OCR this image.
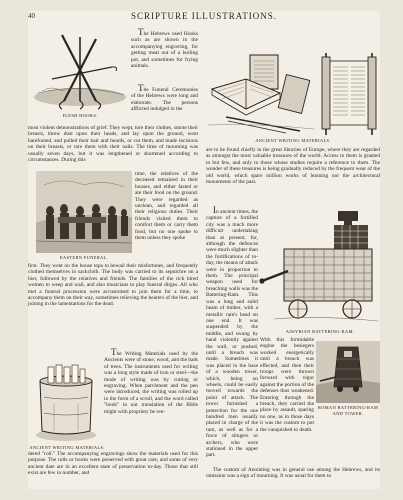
40	SCRIPTURE ILLUSTRATIONS.
FLESH HOOKS.

The Hebrews used Hooks such as are shown in the accompanying engraving, for getting meat out of a boiling pot, and sometimes for frying animals.

The Funeral Ceremonies of the Hebrews were long and elaborate. The persons afflicted indulged in the

most violent demonstrations of grief. They wept, tore their clothes, smote their breasts, threw dust upon their heads, and lay upon the ground, went barefooted, and pulled their hair and beards, or cut them, and made incisions on their breasts, or tore them with their nails. The time of mourning was usually seven days, but it was lengthened or shortened according to circumstances. During this

EASTERN FUNERAL.

time, the relatives of the deceased remained in their houses, and either fasted or ate their food on the ground. They were regarded as unclean, and regarded all their religious duties. Their friends visited them to comfort them or carry them food, but no one spoke to them unless they spoke

first. They went on the house tops to bewail their misfortunes, and frequently clothed themselves in sackcloth. The body was carried to its sepulchre on a bier, followed by the relatives and friends. The families of the rich hired women to weep and wail, and also musicians to play funeral dirges. All who met a funeral procession were accustomed to join them for a time, to accompany them on their way, sometimes relieving the bearers of the bier, and joining in the lamentations for the dead.

ANCIENT WRITING MATERIALS.

The Writing Materials used by the Ancients were of stone, wood, and the bark of trees. The instruments used for writing was a long style made of iron or steel—the mode of writing was by cutting or engraving. When parchment and the pen were introduced, the writing was rolled up in the form of a scroll, and the word called "book" in our translation of the Bible might with propriety be ren-

dered "roll." The accompanying engravings show the materials used for this purpose. The rolls or books were preserved with great care, and some of very ancient date are in an excellent state of preservation to-day. Those that still exist are few in number, and

ANCIENT WRITING MATERIALS.

are to be found chiefly in the great libraries of Europe, where they are regarded as amongst the most valuable treasures of the world. Access to them is granted to but few, and only to those whose studies require a reference to them. The wonder of these treasures is being gradually reduced by the frequent wear of the old world, which spare million works of learning nor the architectural monuments of the past.

In ancient times, the capture of a fortified city was a much more difficult undertaking than at present, for, although the defences were much slighter than the fortifications of to-day, the means of attack were in proportion to them. The principal weapon used for breaching walls was the Battering-Ram. This was a long and solid beam of timber, with a metallic ram's head on one end. It was suspended by the middle, and swung by hand violently against the wall, or pushed, until a breach was made. Sometimes it was placed in the base of a wooden tower, which, being on wheels, could be easily moved towards the point of attack. The tower furnished a protection for the one hundred men usually placed in charge of the ram, as well as for a force of slingers or archers, who were stationed in the upper part.

ASSYRIAN BATTERING-RAM.
ROMAN BATTERING-RAM AND TOWER.

With this formidable engine the besiegers worked energetically until a breach was effected, and then their troops were thrown forward with vigor against the portion of the defenses thus weakened. Entering through the breach, they carried the place by assault, sparing no one, as in those days it was the custom to put the vanquished to death.

The custom of Anointing was in general use among the Hebrews, and its omission was a sign of mourning. It was usual for them to
